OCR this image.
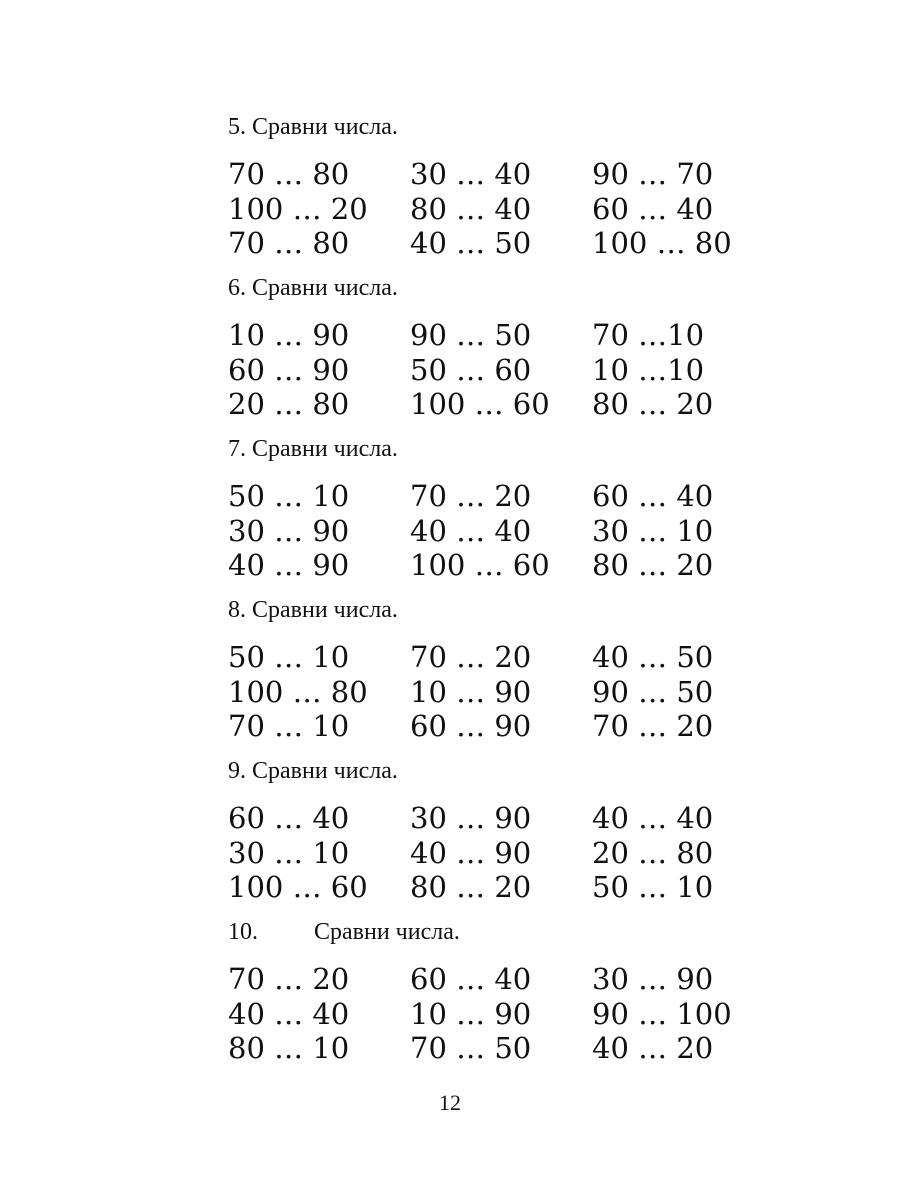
5. Сравни числа.
70 … 80	30 … 40	90 … 70
100 … 20	80 … 40	60 … 40
70 … 80	40 … 50	100 … 80
6. Сравни числа.
10 … 90	90 … 50	70 …10
60 … 90	50 … 60	10 …10
20 … 80	100 … 60	80 … 20
7. Сравни числа.
50 … 10	70 … 20	60 … 40
30 … 90	40 … 40	30 … 10
40 … 90	100 … 60	80 … 20
8. Сравни числа.
50 … 10	70 … 20	40 … 50
100 … 80	10 … 90	90 … 50
70 … 10	60 … 90	70 … 20
9. Сравни числа.
60 … 40	30 … 90	40 … 40
30 … 10	40 … 90	20 … 80
100 … 60	80 … 20	50 … 10
10. Сравни числа.
70 … 20	60 … 40	30 … 90
40 … 40	10 … 90	90 … 100
80 … 10	70 … 50	40 … 20
12
